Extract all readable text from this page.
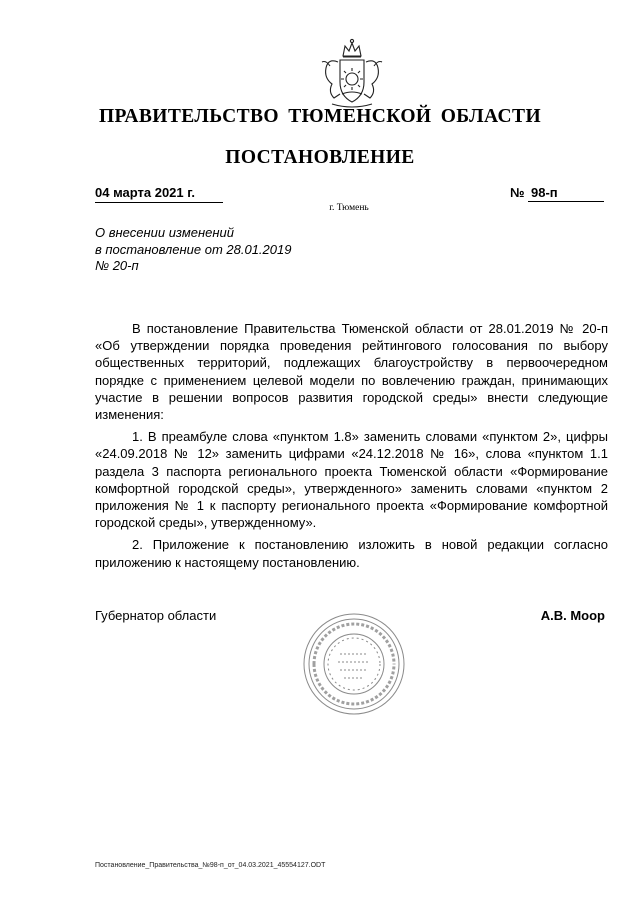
ПРАВИТЕЛЬСТВО ТЮМЕНСКОЙ ОБЛАСТИ
ПОСТАНОВЛЕНИЕ
04 марта 2021 г.	№ 98-п
г. Тюмень
О внесении изменений
в постановление от 28.01.2019
№ 20-п

В постановление Правительства Тюменской области от 28.01.2019 № 20-п «Об утверждении порядка проведения рейтингового голосования по выбору общественных территорий, подлежащих благоустройству в первоочередном порядке с применением целевой модели по вовлечению граждан, принимающих участие в решении вопросов развития городской среды» внести следующие изменения:

1. В преамбуле слова «пунктом 1.8» заменить словами «пунктом 2», цифры «24.09.2018 № 12» заменить цифрами «24.12.2018 № 16», слова «пунктом 1.1 раздела 3 паспорта регионального проекта Тюменской области «Формирование комфортной городской среды», утвержденного» заменить словами «пунктом 2 приложения № 1 к паспорту регионального проекта «Формирование комфортной городской среды», утвержденному».

2. Приложение к постановлению изложить в новой редакции согласно приложению к настоящему постановлению.

Губернатор области	А.В. Моор
Постановление_Правительства_№98-п_от_04.03.2021_45554127.ODT
